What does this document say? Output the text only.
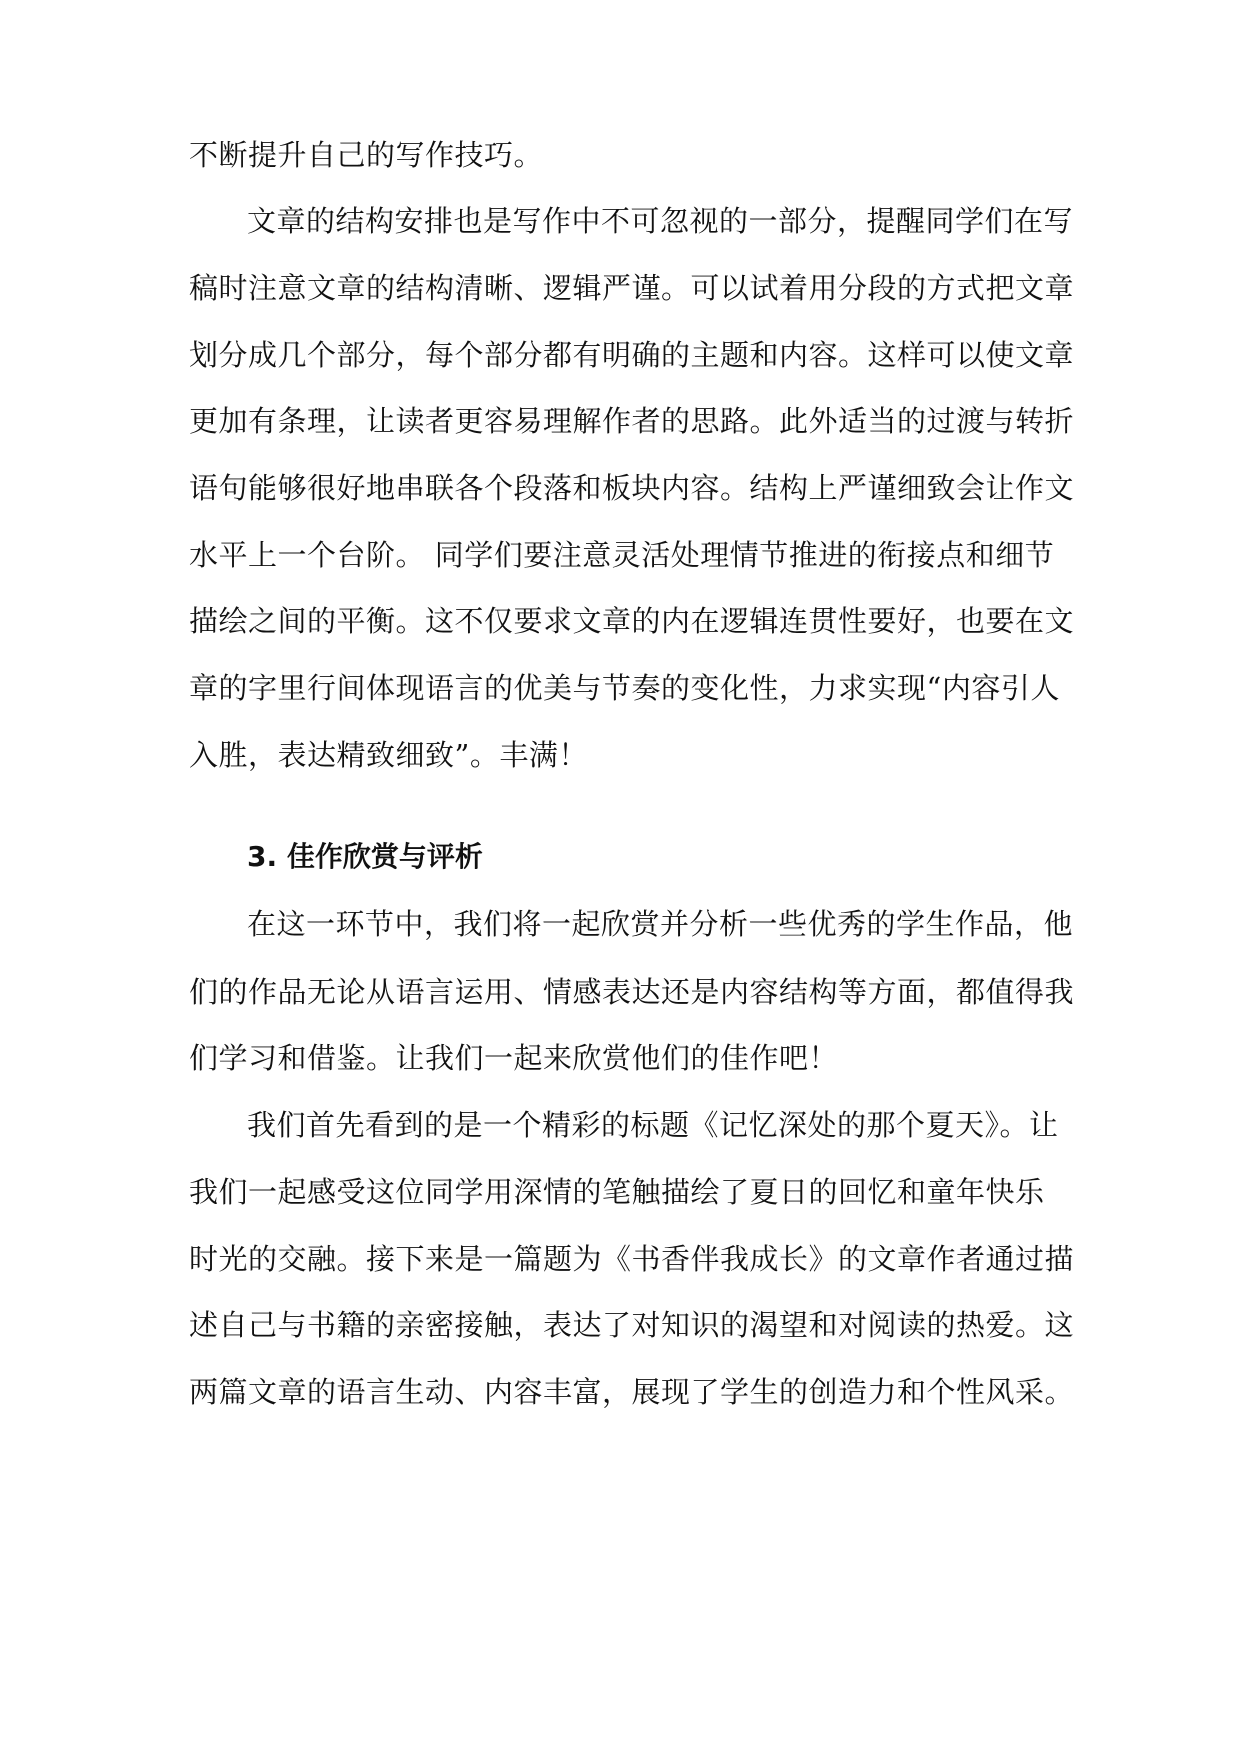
不断提升自己的写作技巧。
文章的结构安排也是写作中不可忽视的一部分，提醒同学们在写
稿时注意文章的结构清晰、逻辑严谨。可以试着用分段的方式把文章
划分成几个部分，每个部分都有明确的主题和内容。这样可以使文章
更加有条理，让读者更容易理解作者的思路。此外适当的过渡与转折
语句能够很好地串联各个段落和板块内容。结构上严谨细致会让作文
水平上一个台阶。 同学们要注意灵活处理情节推进的衔接点和细节
描绘之间的平衡。这不仅要求文章的内在逻辑连贯性要好，也要在文
章的字里行间体现语言的优美与节奏的变化性，力求实现“内容引人
入胜，表达精致细致”。丰满！
3. 佳作欣赏与评析
在这一环节中，我们将一起欣赏并分析一些优秀的学生作品，他
们的作品无论从语言运用、情感表达还是内容结构等方面，都值得我
们学习和借鉴。让我们一起来欣赏他们的佳作吧！
我们首先看到的是一个精彩的标题《记忆深处的那个夏天》。让
我们一起感受这位同学用深情的笔触描绘了夏日的回忆和童年快乐
时光的交融。接下来是一篇题为《书香伴我成长》的文章作者通过描
述自己与书籍的亲密接触，表达了对知识的渴望和对阅读的热爱。这
两篇文章的语言生动、内容丰富，展现了学生的创造力和个性风采。
